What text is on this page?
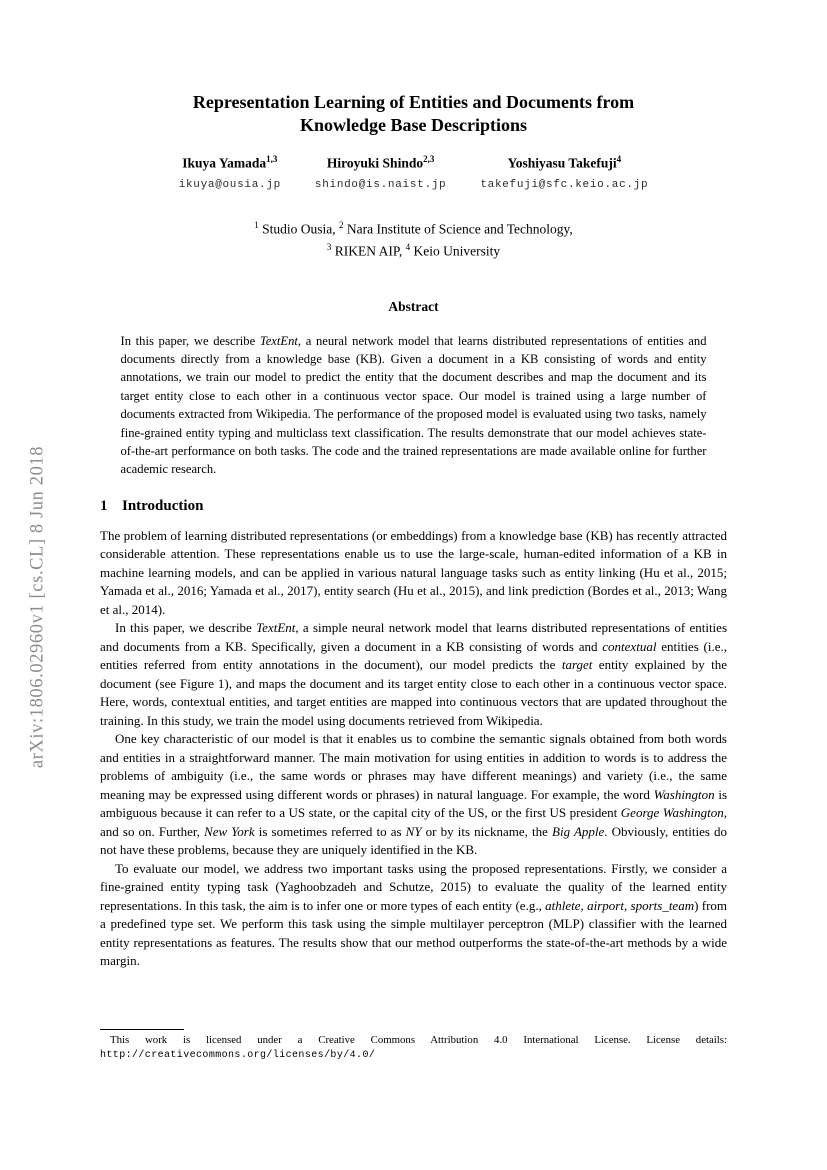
arXiv:1806.02960v1 [cs.CL] 8 Jun 2018
Representation Learning of Entities and Documents from
Knowledge Base Descriptions
Ikuya Yamada$^{1,3}$
ikuya@ousia.jp
Hiroyuki Shindo$^{2,3}$
shindo@is.naist.jp
Yoshiyasu Takefuji$^4$
takefuji@sfc.keio.ac.jp
$^1$ Studio Ousia, $^2$ Nara Institute of Science and Technology,
$^3$ RIKEN AIP, $^4$ Keio University
Abstract

In this paper, we describe TextEnt, a neural network model that learns distributed representations of entities and documents directly from a knowledge base (KB). Given a document in a KB consisting of words and entity annotations, we train our model to predict the entity that the document describes and map the document and its target entity close to each other in a continuous vector space. Our model is trained using a large number of documents extracted from Wikipedia. The performance of the proposed model is evaluated using two tasks, namely fine-grained entity typing and multiclass text classification. The results demonstrate that our model achieves state-of-the-art performance on both tasks. The code and the trained representations are made available online for further academic research.

1 Introduction

The problem of learning distributed representations (or embeddings) from a knowledge base (KB) has recently attracted considerable attention. These representations enable us to use the large-scale, human-edited information of a KB in machine learning models, and can be applied in various natural language tasks such as entity linking (Hu et al., 2015; Yamada et al., 2016; Yamada et al., 2017), entity search (Hu et al., 2015), and link prediction (Bordes et al., 2013; Wang et al., 2014).

In this paper, we describe TextEnt, a simple neural network model that learns distributed representations of entities and documents from a KB. Specifically, given a document in a KB consisting of words and contextual entities (i.e., entities referred from entity annotations in the document), our model predicts the target entity explained by the document (see Figure 1), and maps the document and its target entity close to each other in a continuous vector space. Here, words, contextual entities, and target entities are mapped into continuous vectors that are updated throughout the training. In this study, we train the model using documents retrieved from Wikipedia.

One key characteristic of our model is that it enables us to combine the semantic signals obtained from both words and entities in a straightforward manner. The main motivation for using entities in addition to words is to address the problems of ambiguity (i.e., the same words or phrases may have different meanings) and variety (i.e., the same meaning may be expressed using different words or phrases) in natural language. For example, the word Washington is ambiguous because it can refer to a US state, or the capital city of the US, or the first US president George Washington, and so on. Further, New York is sometimes referred to as NY or by its nickname, the Big Apple. Obviously, entities do not have these problems, because they are uniquely identified in the KB.

To evaluate our model, we address two important tasks using the proposed representations. Firstly, we consider a fine-grained entity typing task (Yaghoobzadeh and Schutze, 2015) to evaluate the quality of the learned entity representations. In this task, the aim is to infer one or more types of each entity (e.g., athlete, airport, sports_team) from a predefined type set. We perform this task using the simple multilayer perceptron (MLP) classifier with the learned entity representations as features. The results show that our method outperforms the state-of-the-art methods by a wide margin.

This work is licensed under a Creative Commons Attribution 4.0 International License. License details: http://creativecommons.org/licenses/by/4.0/
